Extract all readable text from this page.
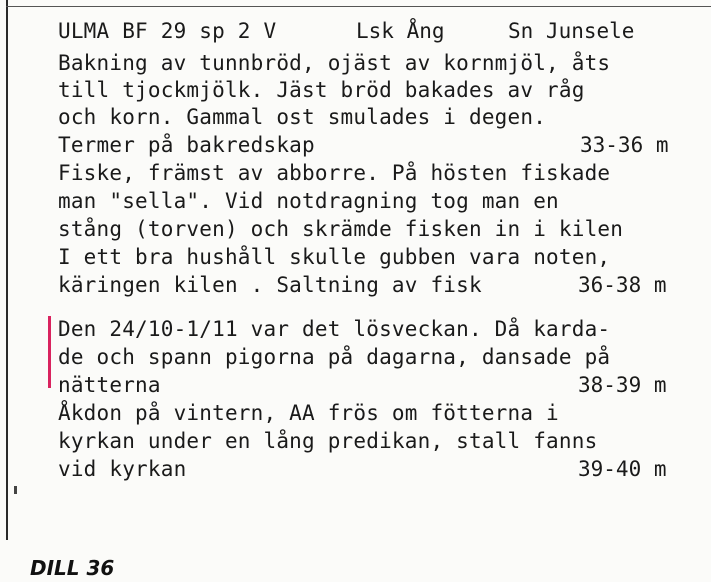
ULMA BF 29 sp 2 V	Lsk Ång	Sn Junsele
Bakning av tunnbröd, ojäst av kornmjöl, åts
till tjockmjölk. Jäst bröd bakades av råg
och korn. Gammal ost smulades i degen.
Termer på bakredskap	33-36 m
Fiske, främst av abborre. På hösten fiskade
man "sella". Vid notdragning tog man en
stång (torven) och skrämde fisken in i kilen
I ett bra hushåll skulle gubben vara noten,
käringen kilen . Saltning av fisk	36-38 m
Den 24/10-1/11 var det lösveckan. Då karda-
de och spann pigorna på dagarna, dansade på
nätterna	38-39 m
Åkdon på vintern, AA frös om fötterna i
kyrkan under en lång predikan, stall fanns
vid kyrkan	39-40 m
DILL 36
